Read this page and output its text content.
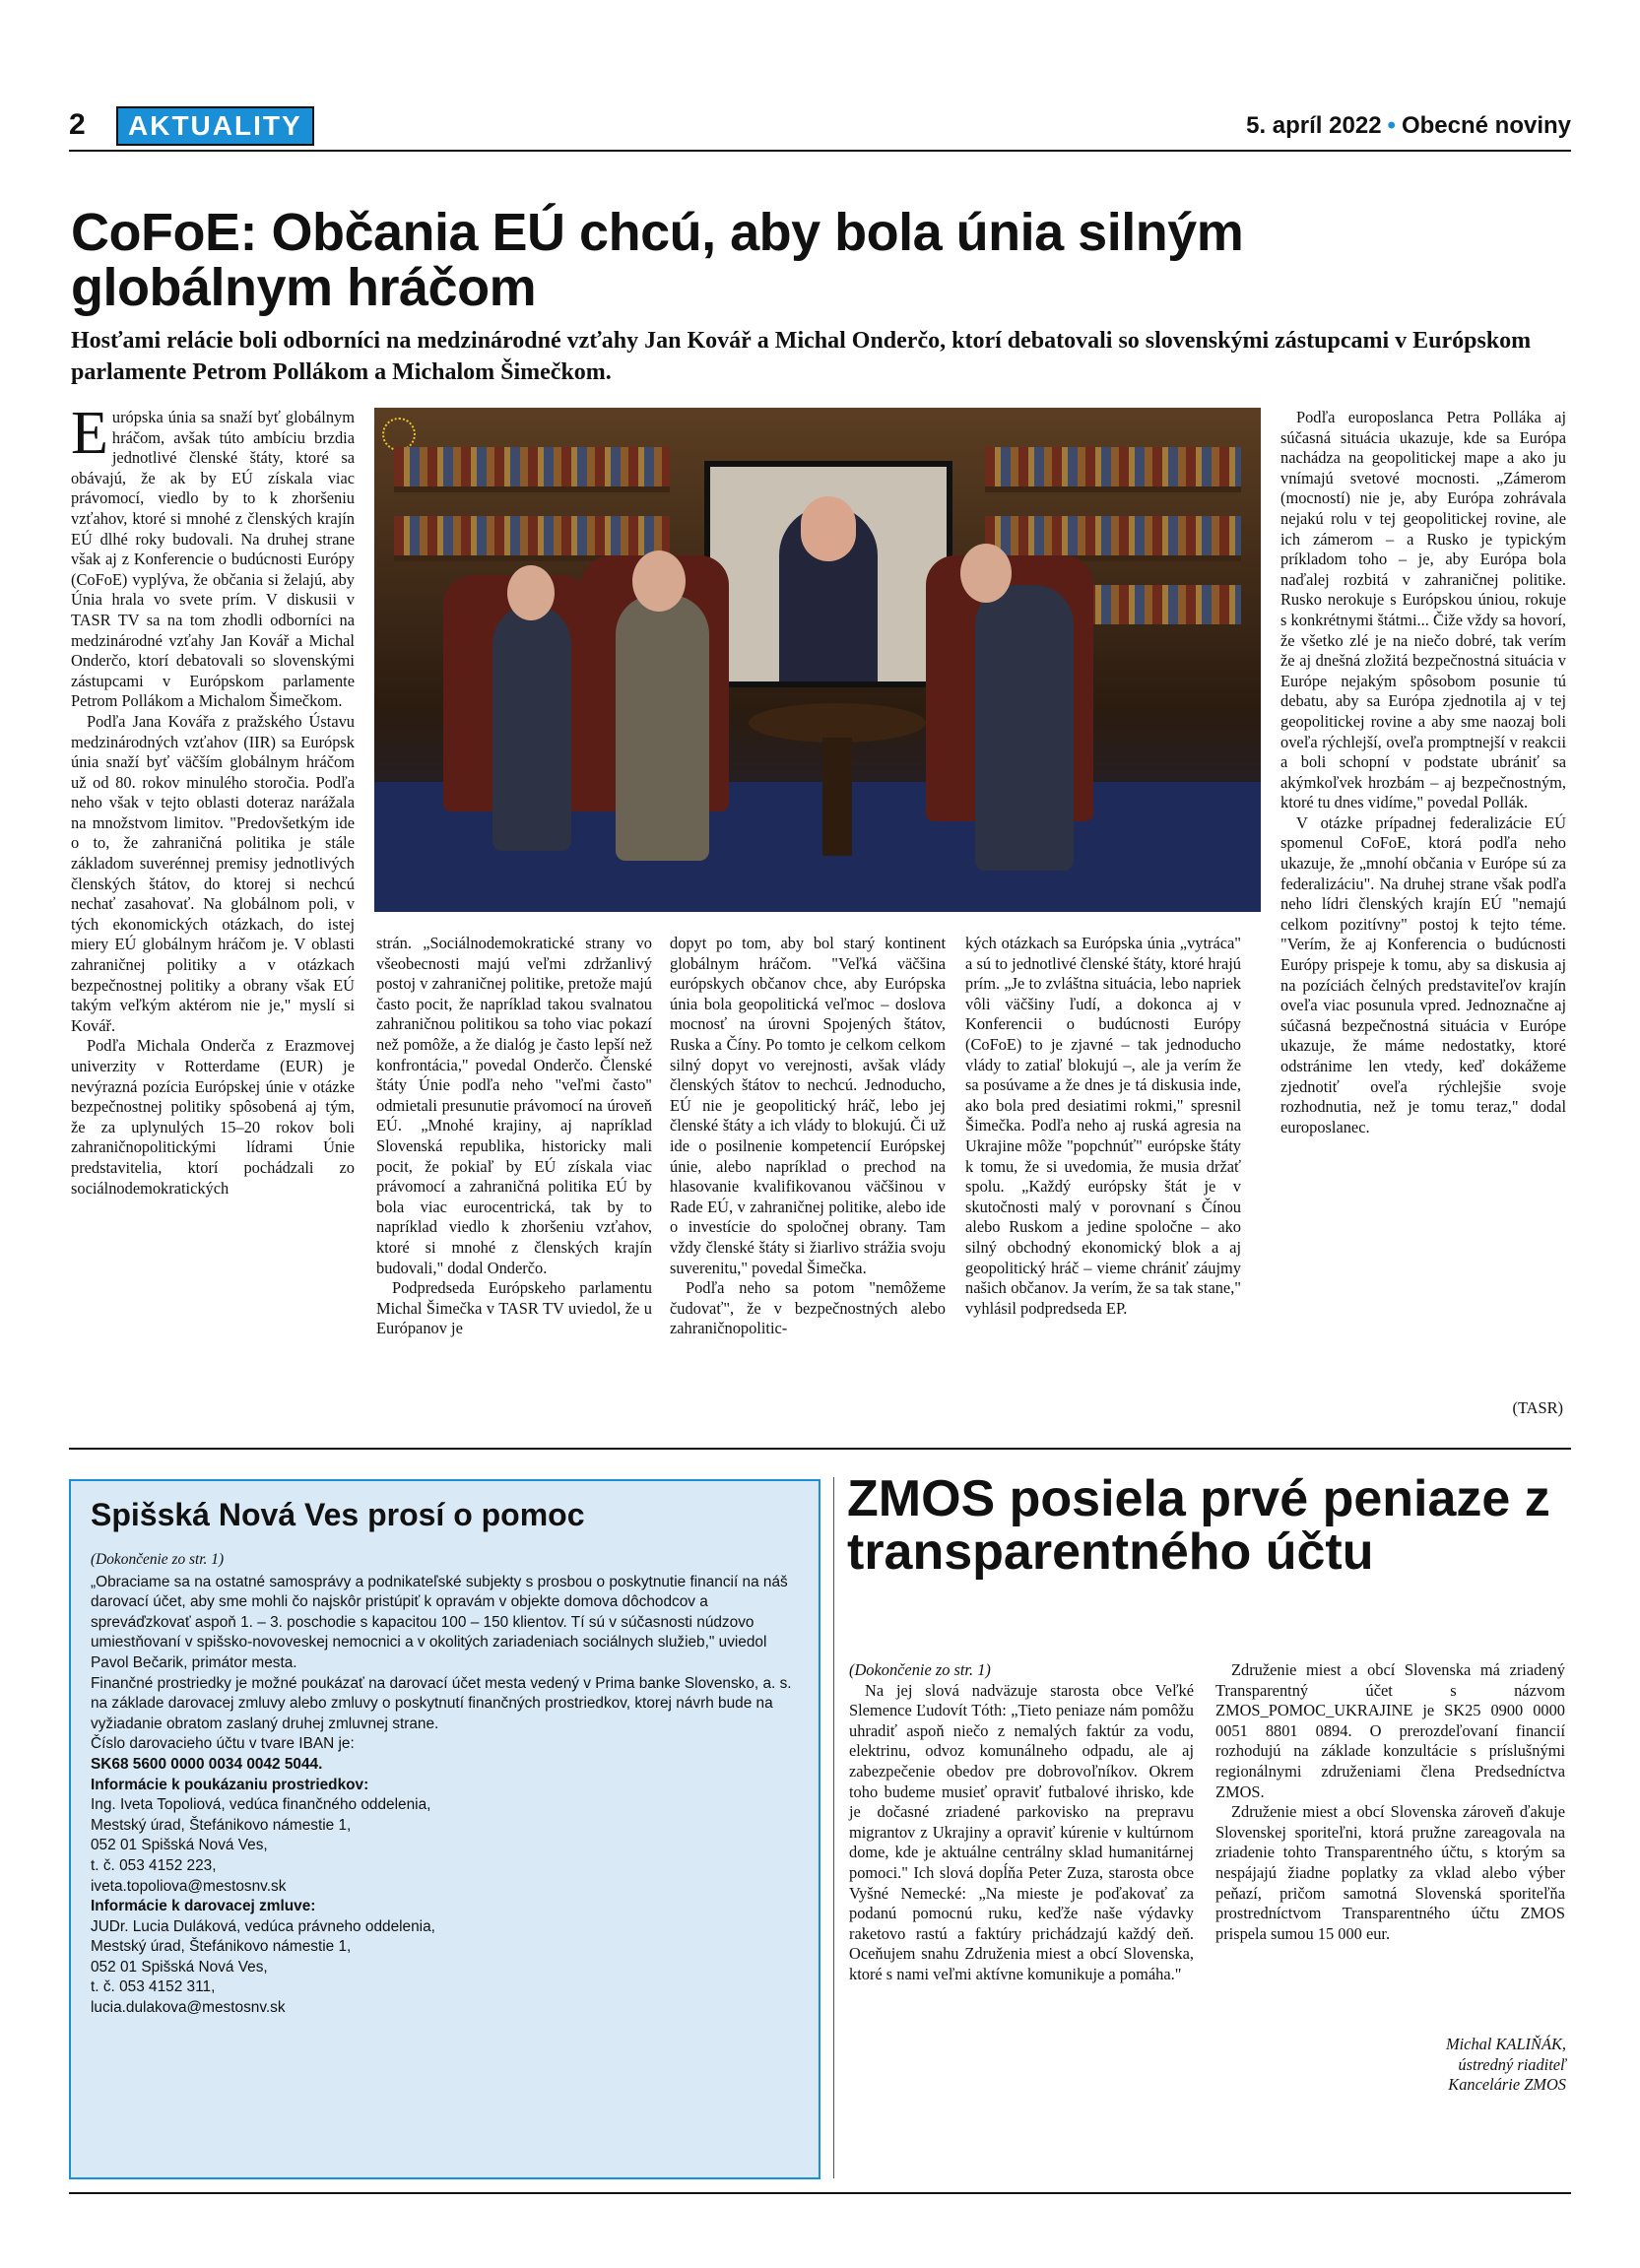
2	AKTUALITY	5. apríl 2022 • Obecné noviny
CoFoE: Občania EÚ chcú, aby bola únia silným globálnym hráčom

Hosťami relácie boli odborníci na medzinárodné vzťahy Jan Kovář a Michal Onderčo, ktorí debatovali so slovenskými zástupcami v Európskom parlamente Petrom Pollákom a Michalom Šimečkom.

Európska únia sa snaží byť globálnym hráčom, avšak túto ambíciu brzdia jednotlivé členské štáty, ktoré sa obávajú, že ak by EÚ získala viac právomocí, viedlo by to k zhoršeniu vzťahov, ktoré si mnohé z členských krajín EÚ dlhé roky budovali. Na druhej strane však aj z Konferencie o budúcnosti Európy (CoFoE) vyplýva, že občania si želajú, aby Únia hrala vo svete prím. V diskusii v TASR TV sa na tom zhodli odborníci na medzinárodné vzťahy Jan Kovář a Michal Onderčo, ktorí debatovali so slovenskými zástupcami v Európskom parlamente Petrom Pollákom a Michalom Šimečkom.

Podľa Jana Kovářa z pražského Ústavu medzinárodných vzťahov (IIR) sa Európsk únia snaží byť väčším globálnym hráčom už od 80. rokov minulého storočia. Podľa neho však v tejto oblasti doteraz narážala na množstvom limitov. "Predovšetkým ide o to, že zahraničná politika je stále základom suverénnej premisy jednotlivých členských štátov, do ktorej si nechcú nechať zasahovať. Na globálnom poli, v tých ekonomických otázkach, do istej miery EÚ globálnym hráčom je. V oblasti zahraničnej politiky a v otázkach bezpečnostnej politiky a obrany však EÚ takým veľkým aktérom nie je," myslí si Kovář.

Podľa Michala Onderča z Erazmovej univerzity v Rotterdame (EUR) je nevýrazná pozícia Európskej únie v otázke bezpečnostnej politiky spôsobená aj tým, že za uplynulých 15–20 rokov boli zahraničnopolitickými lídrami Únie predstavitelia, ktorí pochádzali zo sociálnodemokratických

strán. „Sociálnodemokratické strany vo všeobecnosti majú veľmi zdržanlivý postoj v zahraničnej politike, pretože majú často pocit, že napríklad takou svalnatou zahraničnou politikou sa toho viac pokazí než pomôže, a že dialóg je často lepší než konfrontácia," povedal Onderčo. Členské štáty Únie podľa neho "veľmi často" odmietali presunutie právomocí na úroveň EÚ. „Mnohé krajiny, aj napríklad Slovenská republika, historicky mali pocit, že pokiaľ by EÚ získala viac právomocí a zahraničná politika EÚ by bola viac eurocentrická, tak by to napríklad viedlo k zhoršeniu vzťahov, ktoré si mnohé z členských krajín budovali," dodal Onderčo.

Podpredseda Európskeho parlamentu Michal Šimečka v TASR TV uviedol, že u Európanov je

dopyt po tom, aby bol starý kontinent globálnym hráčom. "Veľká väčšina európskych občanov chce, aby Európska únia bola geopolitická veľmoc – doslova mocnosť na úrovni Spojených štátov, Ruska a Číny. Po tomto je celkom celkom silný dopyt vo verejnosti, avšak vlády členských štátov to nechcú. Jednoducho, EÚ nie je geopolitický hráč, lebo jej členské štáty a ich vlády to blokujú. Či už ide o posilnenie kompetencií Európskej únie, alebo napríklad o prechod na hlasovanie kvalifikovanou väčšinou v Rade EÚ, v zahraničnej politike, alebo ide o investície do spoločnej obrany. Tam vždy členské štáty si žiarlivo strážia svoju suverenitu," povedal Šimečka.

Podľa neho sa potom "nemôžeme čudovať", že v bezpečnostných alebo zahraničnopolitic-

kých otázkach sa Európska únia „vytráca" a sú to jednotlivé členské štáty, ktoré hrajú prím. „Je to zvláštna situácia, lebo napriek vôli väčšiny ľudí, a dokonca aj v Konferencii o budúcnosti Európy (CoFoE) to je zjavné – tak jednoducho vlády to zatiaľ blokujú –, ale ja verím že sa posúvame a že dnes je tá diskusia inde, ako bola pred desiatimi rokmi," spresnil Šimečka. Podľa neho aj ruská agresia na Ukrajine môže "popchnúť" európske štáty k tomu, že si uvedomia, že musia držať spolu. „Každý európsky štát je v skutočnosti malý v porovnaní s Čínou alebo Ruskom a jedine spoločne – ako silný obchodný ekonomický blok a aj geopolitický hráč – vieme chrániť záujmy našich občanov. Ja verím, že sa tak stane," vyhlásil podpredseda EP.

Podľa europoslanca Petra Polláka aj súčasná situácia ukazuje, kde sa Európa nachádza na geopolitickej mape a ako ju vnímajú svetové mocnosti. „Zámerom (mocností) nie je, aby Európa zohrávala nejakú rolu v tej geopolitickej rovine, ale ich zámerom – a Rusko je typickým príkladom toho – je, aby Európa bola naďalej rozbitá v zahraničnej politike. Rusko nerokuje s Európskou úniou, rokuje s konkrétnymi štátmi... Čiže vždy sa hovorí, že všetko zlé je na niečo dobré, tak verím že aj dnešná zložitá bezpečnostná situácia v Európe nejakým spôsobom posunie tú debatu, aby sa Európa zjednotila aj v tej geopolitickej rovine a aby sme naozaj boli oveľa rýchlejší, oveľa promptnejší v reakcii a boli schopní v podstate ubrániť sa akýmkoľvek hrozbám – aj bezpečnostným, ktoré tu dnes vidíme," povedal Pollák.

V otázke prípadnej federalizácie EÚ spomenul CoFoE, ktorá podľa neho ukazuje, že „mnohí občania v Európe sú za federalizáciu". Na druhej strane však podľa neho lídri členských krajín EÚ "nemajú celkom pozitívny" postoj k tejto téme. "Verím, že aj Konferencia o budúcnosti Európy prispeje k tomu, aby sa diskusia aj na pozíciách čelných predstaviteľov krajín oveľa viac posunula vpred. Jednoznačne aj súčasná bezpečnostná situácia v Európe ukazuje, že máme nedostatky, ktoré odstránime len vtedy, keď dokážeme zjednotiť oveľa rýchlejšie svoje rozhodnutia, než je tomu teraz," dodal europoslanec.

(TASR)
Spišská Nová Ves prosí o pomoc

(Dokončenie zo str. 1)

„Obraciame sa na ostatné samosprávy a podnikateľské subjekty s prosbou o poskytnutie financií na náš darovací účet, aby sme mohli čo najskôr pristúpiť k opravám v objekte domova dôchodcov a spreváďzkovať aspoň 1. – 3. poschodie s kapacitou 100 – 150 klientov. Tí sú v súčasnosti núdzovo umiestňovaní v spišsko-novoveskej nemocnici a v okolitých zariadeniach sociálnych služieb," uviedol Pavol Bečarik, primátor mesta.

Finančné prostriedky je možné poukázať na darovací účet mesta vedený v Prima banke Slovensko, a. s. na základe darovacej zmluvy alebo zmluvy o poskytnutí finančných prostriedkov, ktorej návrh bude na vyžiadanie obratom zaslaný druhej zmluvnej strane.

Číslo darovacieho účtu v tvare IBAN je:

SK68 5600 0000 0034 0042 5044.

Informácie k poukázaniu prostriedkov:

Ing. Iveta Topoliová, vedúca finančného oddelenia,

Mestský úrad, Štefánikovo námestie 1,

052 01 Spišská Nová Ves,

t. č. 053 4152 223,

iveta.topoliova@mestosnv.sk

Informácie k darovacej zmluve:

JUDr. Lucia Duláková, vedúca právneho oddelenia,

Mestský úrad, Štefánikovo námestie 1,

052 01 Spišská Nová Ves,

t. č. 053 4152 311,

lucia.dulakova@mestosnv.sk

ZMOS posiela prvé peniaze z transparentného účtu

(Dokončenie zo str. 1)

Na jej slová nadväzuje starosta obce Veľké Slemence Ľudovít Tóth: „Tieto peniaze nám pomôžu uhradiť aspoň niečo z nemalých faktúr za vodu, elektrinu, odvoz komunálneho odpadu, ale aj zabezpečenie obedov pre dobrovoľníkov. Okrem toho budeme musieť opraviť futbalové ihrisko, kde je dočasné zriadené parkovisko na prepravu migrantov z Ukrajiny a opraviť kúrenie v kultúrnom dome, kde je aktuálne centrálny sklad humanitárnej pomoci." Ich slová dopĺňa Peter Zuza, starosta obce Vyšné Nemecké: „Na mieste je poďakovať za podanú pomocnú ruku, keďže naše výdavky raketovo rastú a faktúry prichádzajú každý deň. Oceňujem snahu Združenia miest a obcí Slovenska, ktoré s nami veľmi aktívne komunikuje a pomáha."

Združenie miest a obcí Slovenska má zriadený Transparentný účet s názvom ZMOS_POMOC_UKRAJINE je SK25 0900 0000 0051 8801 0894. O prerozdeľovaní financií rozhodujú na základe konzultácie s príslušnými regionálnymi združeniami člena Predsedníctva ZMOS.

Združenie miest a obcí Slovenska zároveň ďakuje Slovenskej sporiteľni, ktorá pružne zareagovala na zriadenie tohto Transparentného účtu, s ktorým sa nespájajú žiadne poplatky za vklad alebo výber peňazí, pričom samotná Slovenská sporiteľňa prostredníctvom Transparentného účtu ZMOS prispela sumou 15 000 eur.

Michal KALIŇÁK,
ústredný riaditeľ
Kancelárie ZMOS
